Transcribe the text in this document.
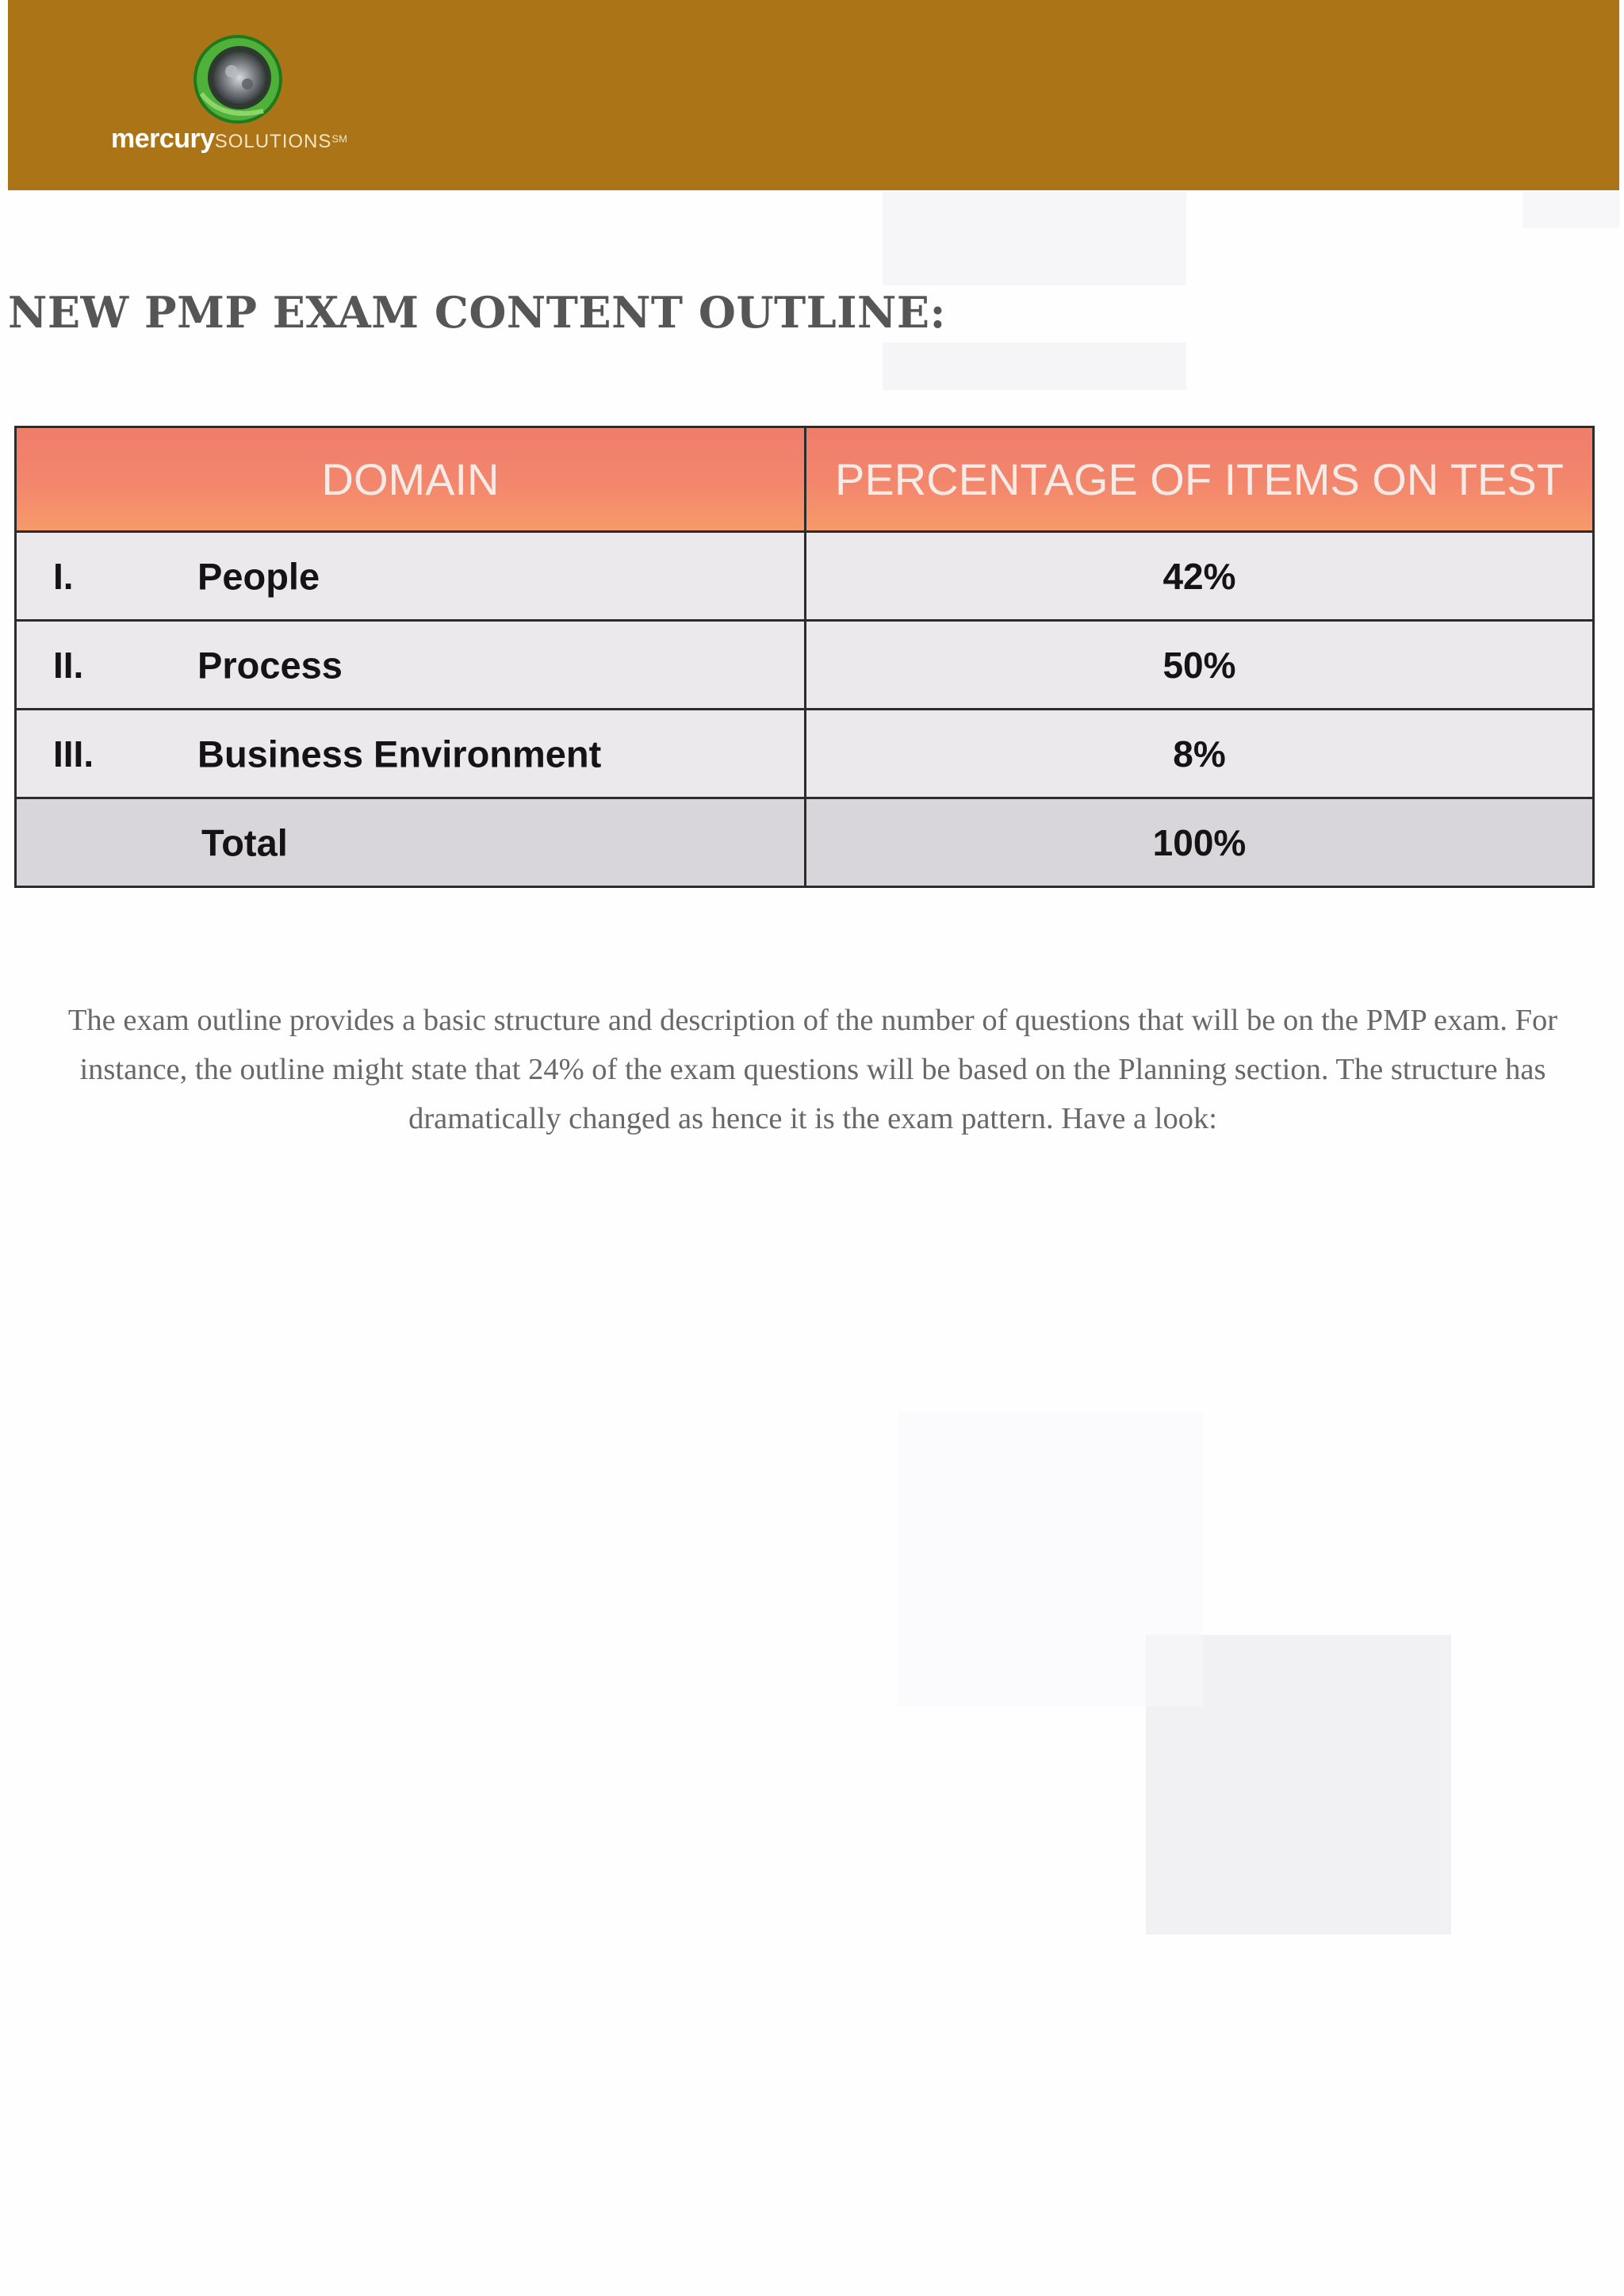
mercurySOLUTIONS℠
NEW PMP EXAM CONTENT OUTLINE:
DOMAIN	PERCENTAGE OF ITEMS ON TEST

I. People	42%

II. Process	50%

III. Business Environment	8%

Total	100%

The exam outline provides a basic structure and description of the number of questions that will be on the PMP exam. For instance, the outline might state that 24% of the exam questions will be based on the Planning section. The structure has dramatically changed as hence it is the exam pattern. Have a look:
